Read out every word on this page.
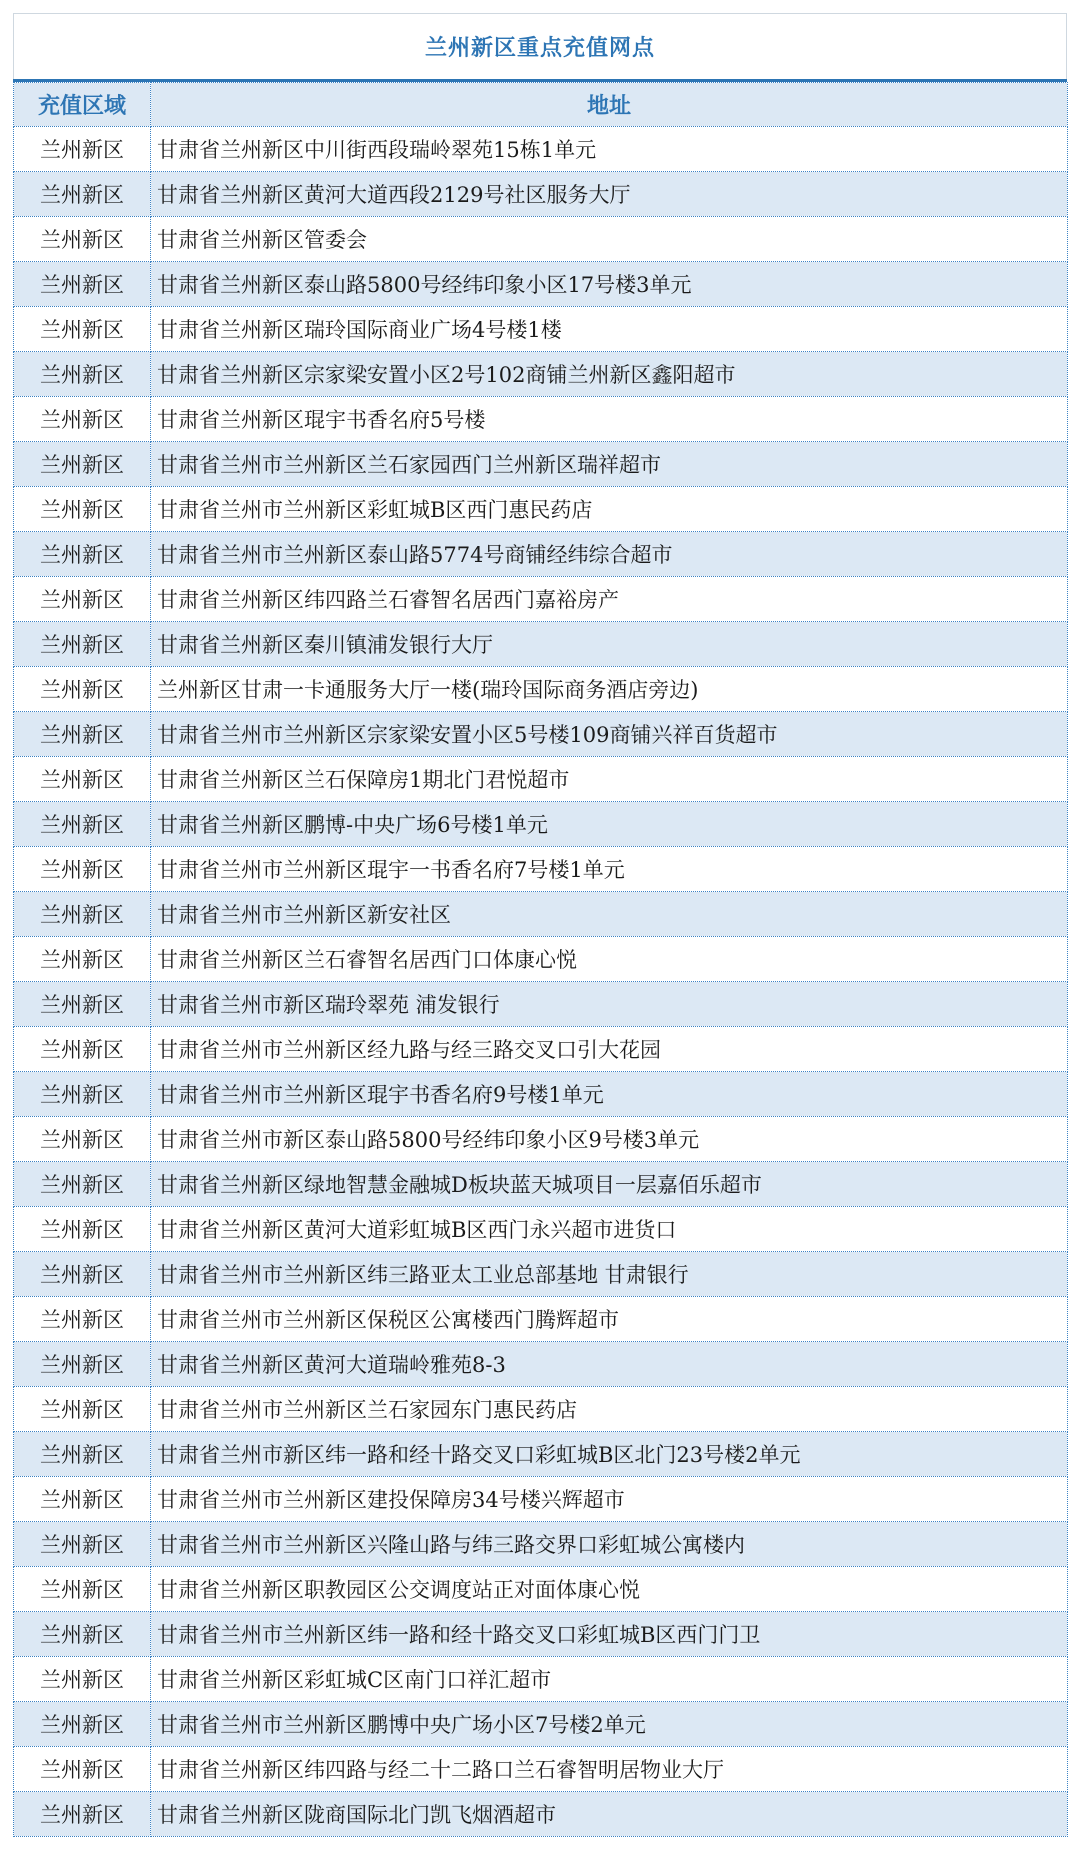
兰州新区重点充值网点
充值区域	地址
兰州新区	甘肃省兰州新区中川街西段瑞岭翠苑15栋1单元
兰州新区	甘肃省兰州新区黄河大道西段2129号社区服务大厅
兰州新区	甘肃省兰州新区管委会
兰州新区	甘肃省兰州新区泰山路5800号经纬印象小区17号楼3单元
兰州新区	甘肃省兰州新区瑞玲国际商业广场4号楼1楼
兰州新区	甘肃省兰州新区宗家梁安置小区2号102商铺兰州新区鑫阳超市
兰州新区	甘肃省兰州新区琨宇书香名府5号楼
兰州新区	甘肃省兰州市兰州新区兰石家园西门兰州新区瑞祥超市
兰州新区	甘肃省兰州市兰州新区彩虹城B区西门惠民药店
兰州新区	甘肃省兰州市兰州新区泰山路5774号商铺经纬综合超市
兰州新区	甘肃省兰州新区纬四路兰石睿智名居西门嘉裕房产
兰州新区	甘肃省兰州新区秦川镇浦发银行大厅
兰州新区	兰州新区甘肃一卡通服务大厅一楼(瑞玲国际商务酒店旁边)
兰州新区	甘肃省兰州市兰州新区宗家梁安置小区5号楼109商铺兴祥百货超市
兰州新区	甘肃省兰州新区兰石保障房1期北门君悦超市
兰州新区	甘肃省兰州新区鹏博-中央广场6号楼1单元
兰州新区	甘肃省兰州市兰州新区琨宇一书香名府7号楼1单元
兰州新区	甘肃省兰州市兰州新区新安社区
兰州新区	甘肃省兰州新区兰石睿智名居西门口体康心悦
兰州新区	甘肃省兰州市新区瑞玲翠苑 浦发银行
兰州新区	甘肃省兰州市兰州新区经九路与经三路交叉口引大花园
兰州新区	甘肃省兰州市兰州新区琨宇书香名府9号楼1单元
兰州新区	甘肃省兰州市新区泰山路5800号经纬印象小区9号楼3单元
兰州新区	甘肃省兰州新区绿地智慧金融城D板块蓝天城项目一层嘉佰乐超市
兰州新区	甘肃省兰州新区黄河大道彩虹城B区西门永兴超市进货口
兰州新区	甘肃省兰州市兰州新区纬三路亚太工业总部基地 甘肃银行
兰州新区	甘肃省兰州市兰州新区保税区公寓楼西门腾辉超市
兰州新区	甘肃省兰州新区黄河大道瑞岭雅苑8-3
兰州新区	甘肃省兰州市兰州新区兰石家园东门惠民药店
兰州新区	甘肃省兰州市新区纬一路和经十路交叉口彩虹城B区北门23号楼2单元
兰州新区	甘肃省兰州市兰州新区建投保障房34号楼兴辉超市
兰州新区	甘肃省兰州市兰州新区兴隆山路与纬三路交界口彩虹城公寓楼内
兰州新区	甘肃省兰州新区职教园区公交调度站正对面体康心悦
兰州新区	甘肃省兰州市兰州新区纬一路和经十路交叉口彩虹城B区西门门卫
兰州新区	甘肃省兰州新区彩虹城C区南门口祥汇超市
兰州新区	甘肃省兰州市兰州新区鹏博中央广场小区7号楼2单元
兰州新区	甘肃省兰州新区纬四路与经二十二路口兰石睿智明居物业大厅
兰州新区	甘肃省兰州新区陇商国际北门凯飞烟酒超市
